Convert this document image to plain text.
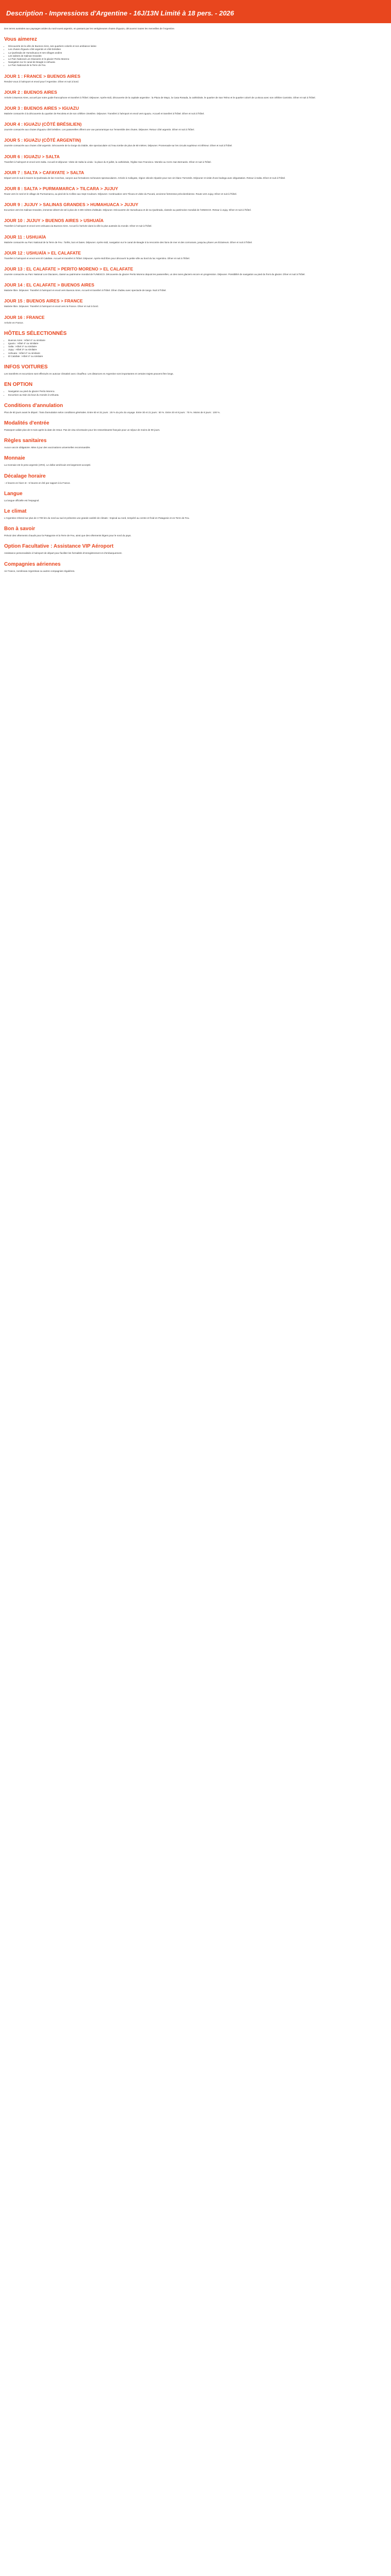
Description - Impressions d'Argentine - 16J/13N Limité à 18 pers. - 2026

Des terres australes aux paysages arides du nord-ouest argentin, en passant par les vertigineuses chutes d'Iguazu, découvrez toutes les merveilles de l'Argentine.

Vous aimerez
• Découverte de la ville de Buenos Aires, ses quartiers colorés et son ambiance latine
• Les chutes d'Iguazu côté argentin et côté brésilien
• La Quebrada de Humahuaca et ses villages andins
• Les salines de Salinas Grandes
• Le Parc National Los Glaciares et le glacier Perito Moreno
• Navigation sur le canal de Beagle à Ushuaïa
• Le Parc National de la Terre de Feu
JOUR 1 : FRANCE > BUENOS AIRES

Rendez-vous à l'aéroport et envol pour l'Argentine. Dîner et nuit à bord.

JOUR 2 : BUENOS AIRES

Arrivée à Buenos Aires, accueil par notre guide francophone et transfert à l'hôtel. Déjeuner. Après-midi, découverte de la capitale argentine : la Plaza de Mayo, la Casa Rosada, la cathédrale, le quartier de San Telmo et le quartier coloré de La Boca avec son célèbre Caminito. Dîner et nuit à l'hôtel.

JOUR 3 : BUENOS AIRES > IGUAZU

Matinée consacrée à la découverte du quartier de Recoleta et de son célèbre cimetière. Déjeuner. Transfert à l'aéroport et envol vers Iguazu. Accueil et transfert à l'hôtel. Dîner et nuit à l'hôtel.

JOUR 4 : IGUAZU (CÔTÉ BRÉSILIEN)

Journée consacrée aux chutes d'Iguazu côté brésilien. Les passerelles offrent une vue panoramique sur l'ensemble des chutes. Déjeuner. Retour côté argentin. Dîner et nuit à l'hôtel.

JOUR 5 : IGUAZU (CÔTÉ ARGENTIN)

Journée consacrée aux chutes côté argentin. Découverte de la Gorge du Diable, site spectaculaire où l'eau tombe de plus de 80 mètres. Déjeuner. Promenade sur les circuits supérieur et inférieur. Dîner et nuit à l'hôtel.

JOUR 6 : IGUAZU > SALTA

Transfert à l'aéroport et envol vers Salta. Accueil et déjeuner. Visite de Salta la Linda : la place du 9 juillet, la cathédrale, l'église San Francisco. Montée au Cerro San Bernardo. Dîner et nuit à l'hôtel.

JOUR 7 : SALTA > CAFAYATE > SALTA

Départ vers le sud à travers la Quebrada de las Conchas, canyon aux formations rocheuses spectaculaires. Arrivée à Cafayate, région viticole réputée pour son vin blanc Torrontés. Déjeuner et visite d'une bodega avec dégustation. Retour à Salta. Dîner et nuit à l'hôtel.

JOUR 8 : SALTA > PURMAMARCA > TILCARA > JUJUY

Route vers le nord et le village de Purmamarca, au pied de la Colline aux Sept Couleurs. Déjeuner. Continuation vers Tilcara et visite du Pucará, ancienne forteresse précolombienne. Route vers Jujuy. Dîner et nuit à l'hôtel.

JOUR 9 : JUJUY > SALINAS GRANDES > HUMAHUACA > JUJUY

Excursion vers les Salinas Grandes, immense désert de sel à plus de 3 400 mètres d'altitude. Déjeuner. Découverte de Humahuaca et de sa Quebrada, classée au patrimoine mondial de l'UNESCO. Retour à Jujuy. Dîner et nuit à l'hôtel.

JOUR 10 : JUJUY > BUENOS AIRES > USHUAÏA

Transfert à l'aéroport et envol vers Ushuaïa via Buenos Aires. Accueil à l'arrivée dans la ville la plus australe du monde. Dîner et nuit à l'hôtel.

JOUR 11 : USHUAÏA

Matinée consacrée au Parc National de la Terre de Feu : forêts, lacs et baies. Déjeuner. Après-midi, navigation sur le canal de Beagle à la rencontre des lions de mer et des cormorans, jusqu'au phare Les Éclaireurs. Dîner et nuit à l'hôtel.

JOUR 12 : USHUAÏA > EL CALAFATE

Transfert à l'aéroport et envol vers El Calafate. Accueil et transfert à l'hôtel. Déjeuner. Après-midi libre pour découvrir la petite ville au bord du lac Argentino. Dîner et nuit à l'hôtel.

JOUR 13 : EL CALAFATE > PERITO MORENO > EL CALAFATE

Journée consacrée au Parc National Los Glaciares, classé au patrimoine mondial de l'UNESCO. Découverte du glacier Perito Moreno depuis les passerelles, un des rares glaciers encore en progression. Déjeuner. Possibilité de navigation au pied du front du glacier. Dîner et nuit à l'hôtel.

JOUR 14 : EL CALAFATE > BUENOS AIRES

Matinée libre. Déjeuner. Transfert à l'aéroport et envol vers Buenos Aires. Accueil et transfert à l'hôtel. Dîner d'adieu avec spectacle de tango. Nuit à l'hôtel.

JOUR 15 : BUENOS AIRES > FRANCE

Matinée libre. Déjeuner. Transfert à l'aéroport et envol vers la France. Dîner et nuit à bord.

JOUR 16 : FRANCE

Arrivée en France.

HÔTELS SÉLECTIONNÉS
• Buenos Aires : Hôtel 4* ou similaire
• Iguazu : Hôtel 4* ou similaire
• Salta : Hôtel 4* ou similaire
• Jujuy : Hôtel 3* ou similaire
• Ushuaïa : Hôtel 4* ou similaire
• El Calafate : Hôtel 4* ou similaire
INFOS VOITURES

Les transferts et excursions sont effectués en autocar climatisé avec chauffeur. Les distances en Argentine sont importantes et certains trajets peuvent être longs.

EN OPTION
• Navigation au pied du glacier Perito Moreno.
• Excursion au train du bout du monde à Ushuaïa.
Conditions d'annulation

Plus de 60 jours avant le départ : frais d'annulation selon conditions générales. Entre 60 et 31 jours : 25 % du prix du voyage. Entre 30 et 21 jours : 50 %. Entre 20 et 8 jours : 75 %. Moins de 8 jours : 100 %.

Modalités d'entrée

Passeport valide plus de 6 mois après la date de retour. Pas de visa nécessaire pour les ressortissants français pour un séjour de moins de 90 jours.

Règles sanitaires

Aucun vaccin obligatoire. Mise à jour des vaccinations universelles recommandée.

Monnaie

La monnaie est le peso argentin (ARS). Le dollar américain est largement accepté.

Décalage horaire

- 4 heures en hiver et - 5 heures en été par rapport à la France.

Langue

La langue officielle est l'espagnol.

Le climat

L'Argentine s'étend sur plus de 3 700 km du nord au sud et présente une grande variété de climats : tropical au nord, tempéré au centre et froid en Patagonie et en Terre de Feu.

Bon à savoir

Prévoir des vêtements chauds pour la Patagonie et la Terre de Feu, ainsi que des vêtements légers pour le nord du pays.

Option Facultative : Assistance VIP Aéroport

Assistance personnalisée à l'aéroport de départ pour faciliter les formalités d'enregistrement et d'embarquement.

Compagnies aériennes

Air France, Aerolineas Argentinas ou autres compagnies régulières.
